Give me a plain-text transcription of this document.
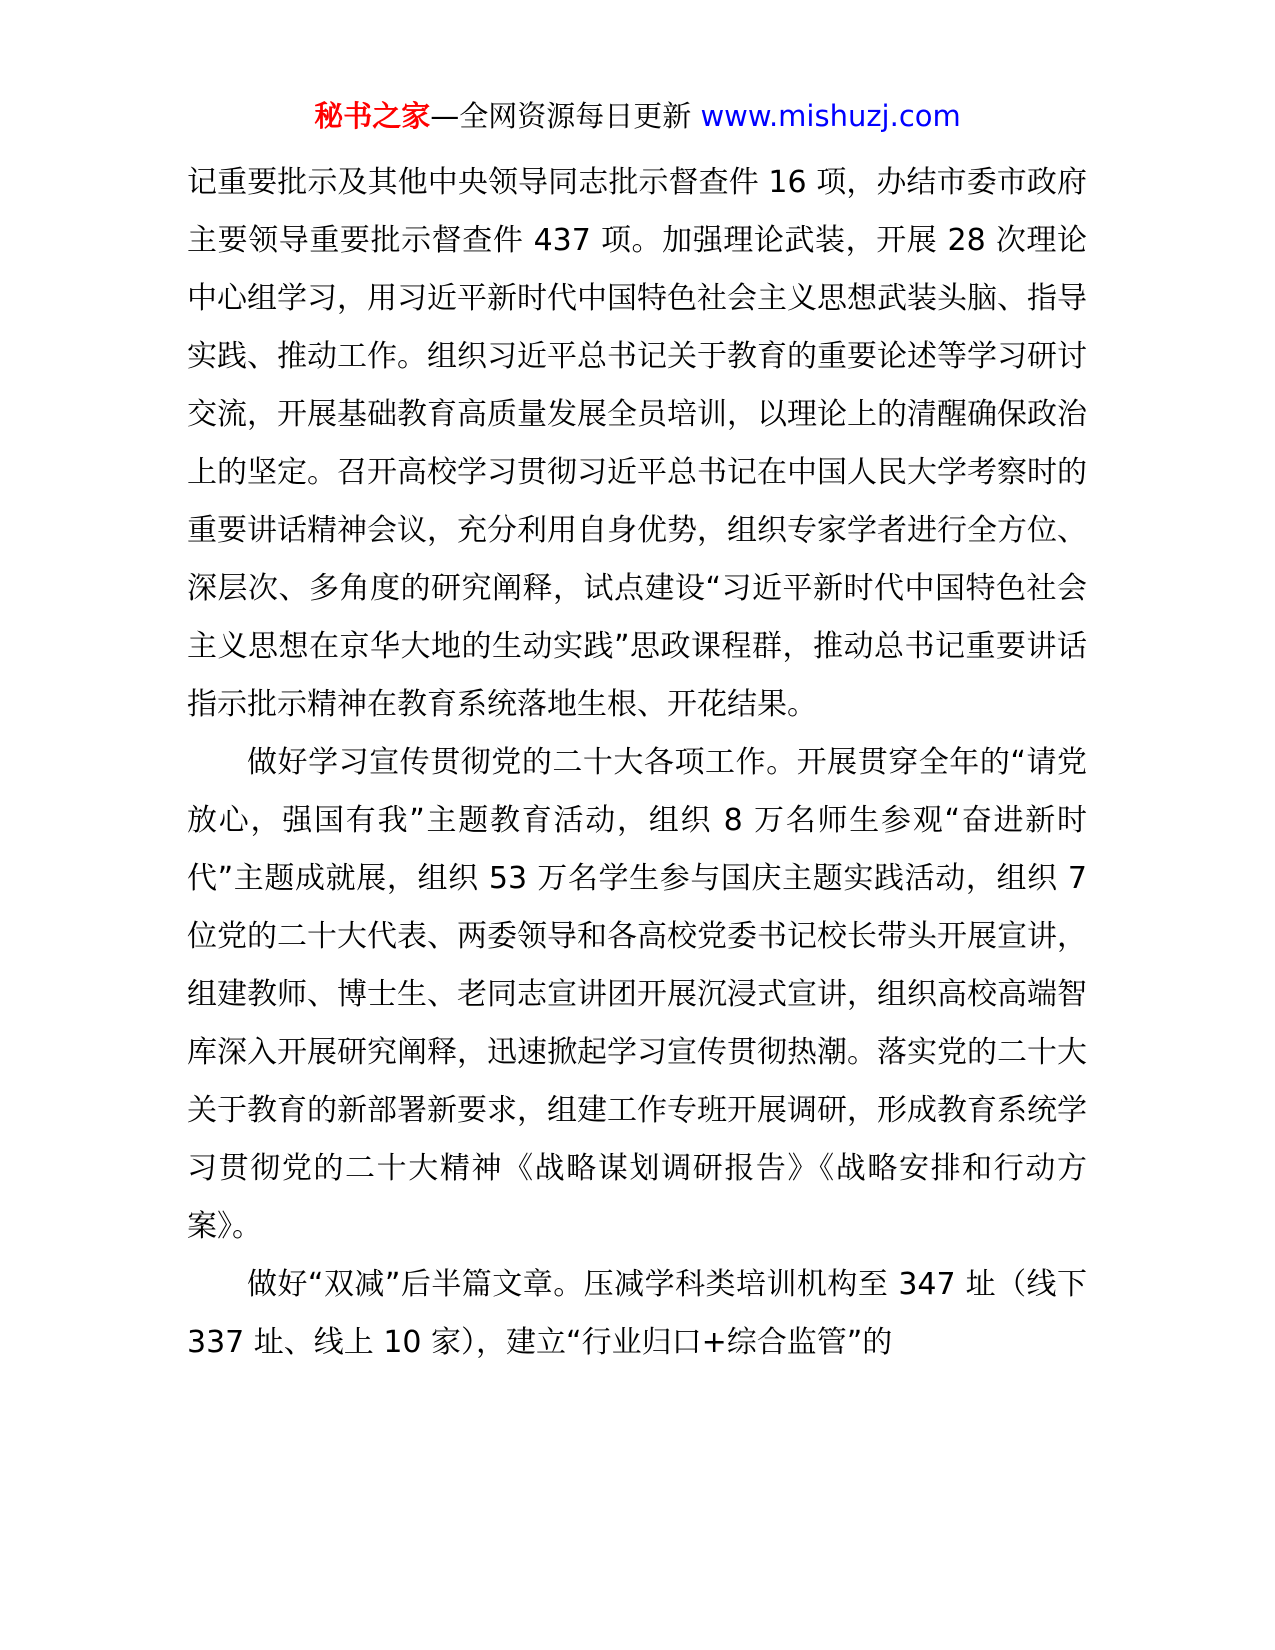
秘书之家—全网资源每日更新 www.mishuzj.com

记重要批示及其他中央领导同志批示督查件 16 项，办结市委市政府主要领导重要批示督查件 437 项。加强理论武装，开展 28 次理论中心组学习，用习近平新时代中国特色社会主义思想武装头脑、指导实践、推动工作。组织习近平总书记关于教育的重要论述等学习研讨交流，开展基础教育高质量发展全员培训，以理论上的清醒确保政治上的坚定。召开高校学习贯彻习近平总书记在中国人民大学考察时的重要讲话精神会议，充分利用自身优势，组织专家学者进行全方位、深层次、多角度的研究阐释，试点建设“习近平新时代中国特色社会主义思想在京华大地的生动实践”思政课程群，推动总书记重要讲话指示批示精神在教育系统落地生根、开花结果。

做好学习宣传贯彻党的二十大各项工作。开展贯穿全年的“请党放心，强国有我”主题教育活动，组织 8 万名师生参观“奋进新时代”主题成就展，组织 53 万名学生参与国庆主题实践活动，组织 7 位党的二十大代表、两委领导和各高校党委书记校长带头开展宣讲，组建教师、博士生、老同志宣讲团开展沉浸式宣讲，组织高校高端智库深入开展研究阐释，迅速掀起学习宣传贯彻热潮。落实党的二十大关于教育的新部署新要求，组建工作专班开展调研，形成教育系统学习贯彻党的二十大精神《战略谋划调研报告》《战略安排和行动方案》。

做好“双减”后半篇文章。压减学科类培训机构至 347 址（线下 337 址、线上 10 家），建立“行业归口+综合监管”的
